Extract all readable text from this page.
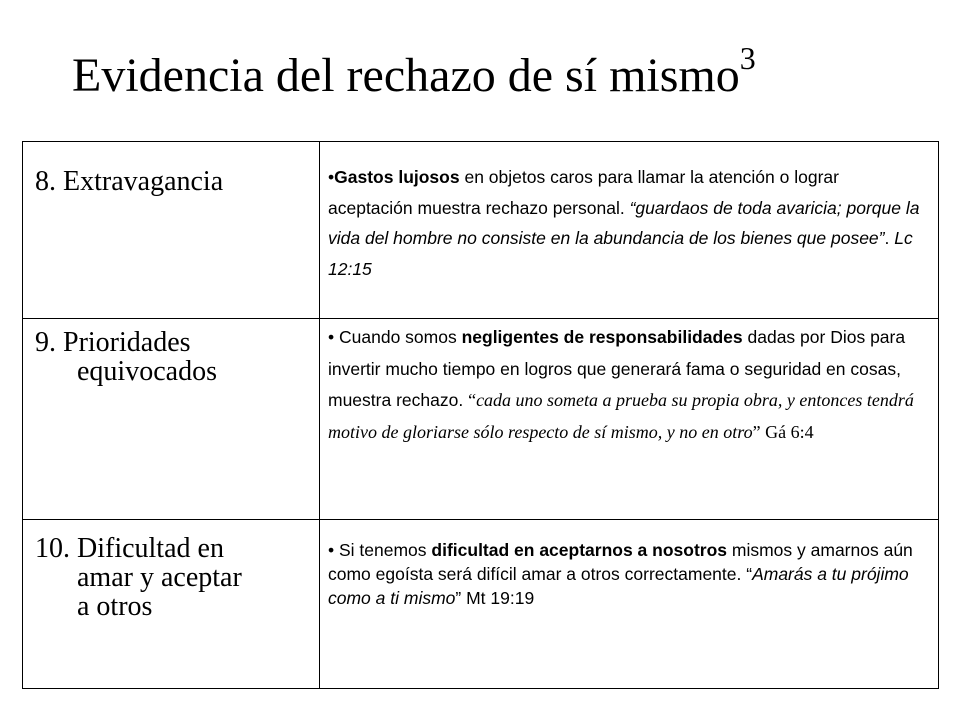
Evidencia del rechazo de sí mismo$^3$
8. Extravagancia	•Gastos lujosos en objetos caros para llamar la atención o lograr aceptación muestra rechazo personal. “guardaos de toda avaricia; porque la vida del hombre no consiste en la abundancia de los bienes que posee”. Lc 12:15
9. Prioridades
equivocados
• Cuando somos negligentes de responsabilidades dadas por Dios para invertir mucho tiempo en logros que generará fama o seguridad en cosas, muestra rechazo. “cada uno someta a prueba su propia obra, y entonces tendrá motivo de gloriarse sólo respecto de sí mismo, y no en otro” Gá 6:4
10. Dificultad en
amar y aceptar
a otros
• Si tenemos dificultad en aceptarnos a nosotros mismos y amarnos aún como egoísta será difícil amar a otros correctamente. “Amarás a tu prójimo como a ti mismo” Mt 19:19
